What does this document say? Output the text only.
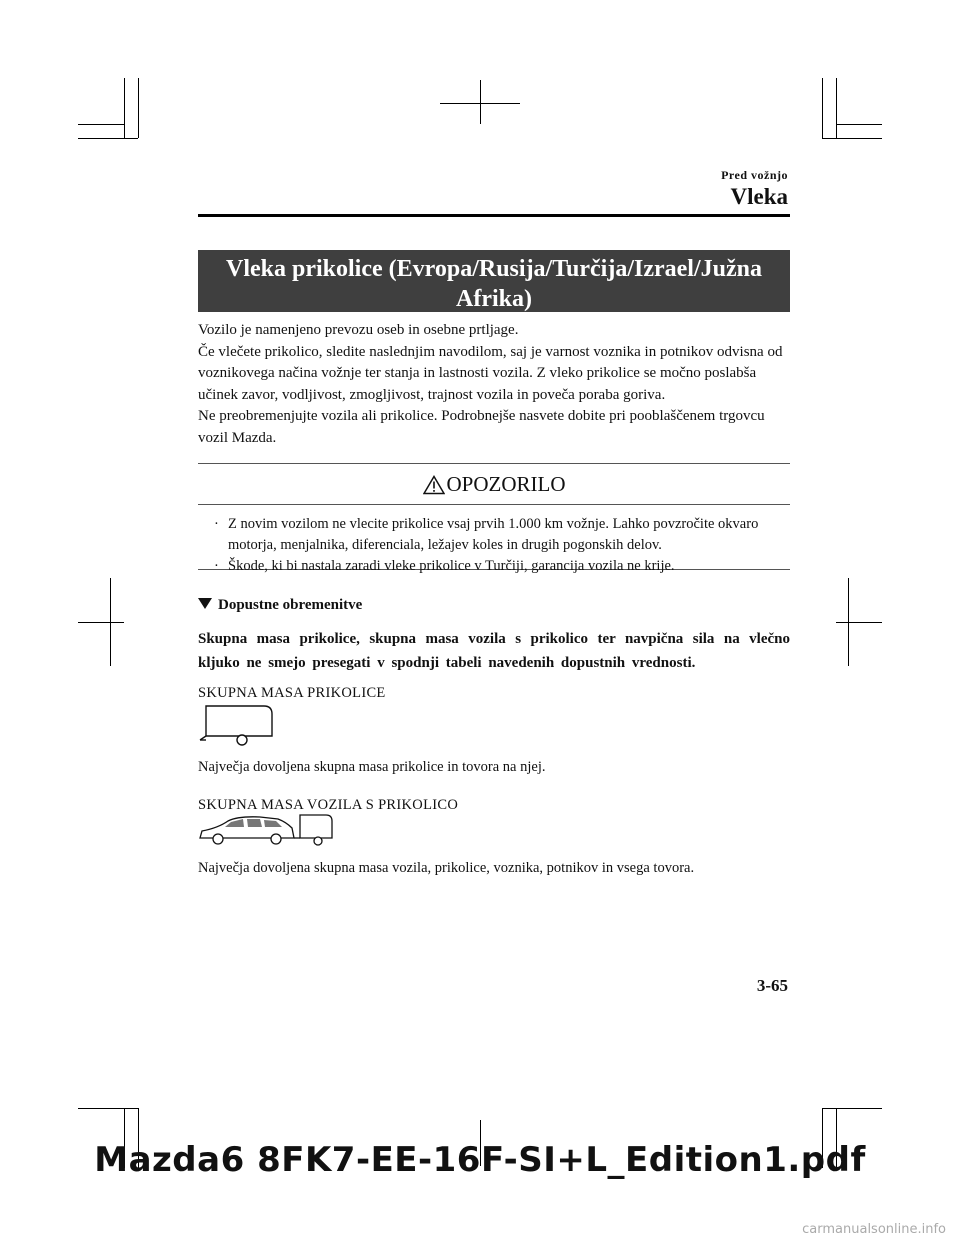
Pred vožnjo
Vleka
Vleka prikolice (Evropa/Rusija/Turčija/Izrael/Južna
Afrika)

Vozilo je namenjeno prevozu oseb in osebne prtljage.

Če vlečete prikolico, sledite naslednjim navodilom, saj je varnost voznika in potnikov odvisna od voznikovega načina vožnje ter stanja in lastnosti vozila. Z vleko prikolice se močno poslabša učinek zavor, vodljivost, zmogljivost, trajnost vozila in poveča poraba goriva.

Ne preobremenjujte vozila ali prikolice. Podrobnejše nasvete dobite pri pooblaščenem trgovcu vozil Mazda.

OPOZORILO
· Z novim vozilom ne vlecite prikolice vsaj prvih 1.000 km vožnje. Lahko povzročite okvaro motorja, menjalnika, diferenciala, ležajev koles in drugih pogonskih delov.
· Škode, ki bi nastala zaradi vleke prikolice v Turčiji, garancija vozila ne krije.
Dopustne obremenitve
Skupna masa prikolice, skupna masa vozila s prikolico ter navpična sila na vlečno kljuko ne smejo presegati v spodnji tabeli navedenih dopustnih vrednosti.
SKUPNA MASA PRIKOLICE
Največja dovoljena skupna masa prikolice in tovora na njej.
SKUPNA MASA VOZILA S PRIKOLICO
Največja dovoljena skupna masa vozila, prikolice, voznika, potnikov in vsega tovora.
3-65
Mazda6 8FK7-EE-16F-SI+L_Edition1.pdf
carmanualsonline.info
